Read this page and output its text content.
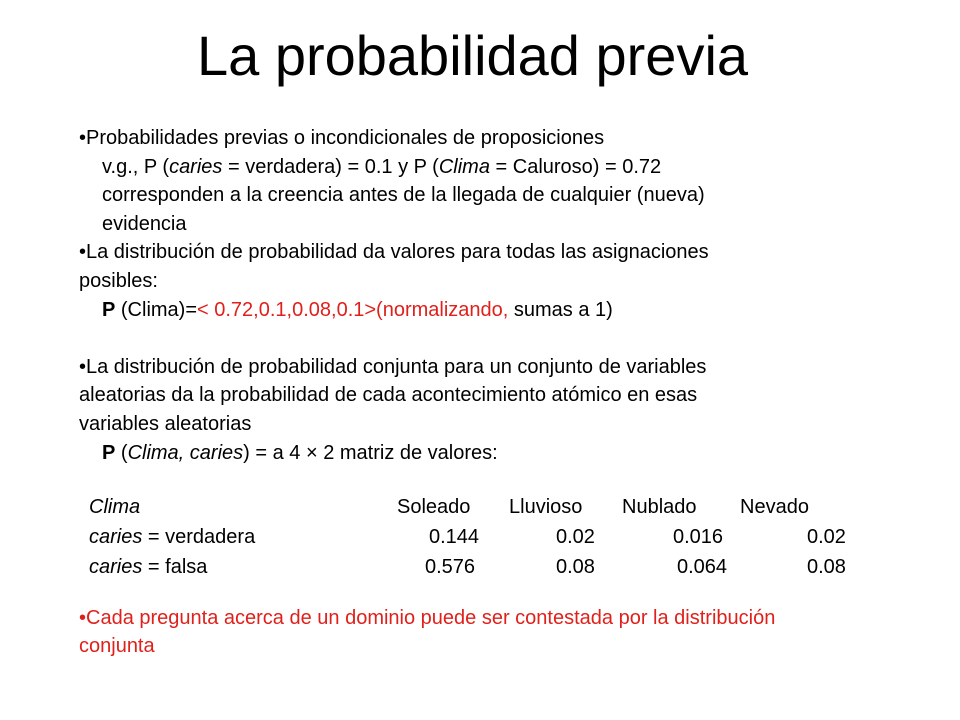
La probabilidad previa
•Probabilidades previas o incondicionales de proposiciones
v.g., P (caries = verdadera) = 0.1 y P (Clima = Caluroso) = 0.72
corresponden a la creencia antes de la llegada de cualquier (nueva)
evidencia
•La distribución de probabilidad da valores para todas las asignaciones
posibles:
P (Clima)=< 0.72,0.1,0.08,0.1>(normalizando, sumas a 1)
•La distribución de probabilidad conjunta para un conjunto de variables
aleatorias da la probabilidad de cada acontecimiento atómico en esas
variables aleatorias
P (Clima, caries) = a 4 × 2 matriz de valores:
Clima	Soleado Lluvioso Nublado Nevado
caries = verdadera	0.144	0.02	0.016	0.02
caries = falsa	0.576	0.08	0.064	0.08
•Cada pregunta acerca de un dominio puede ser contestada por la distribución
conjunta
